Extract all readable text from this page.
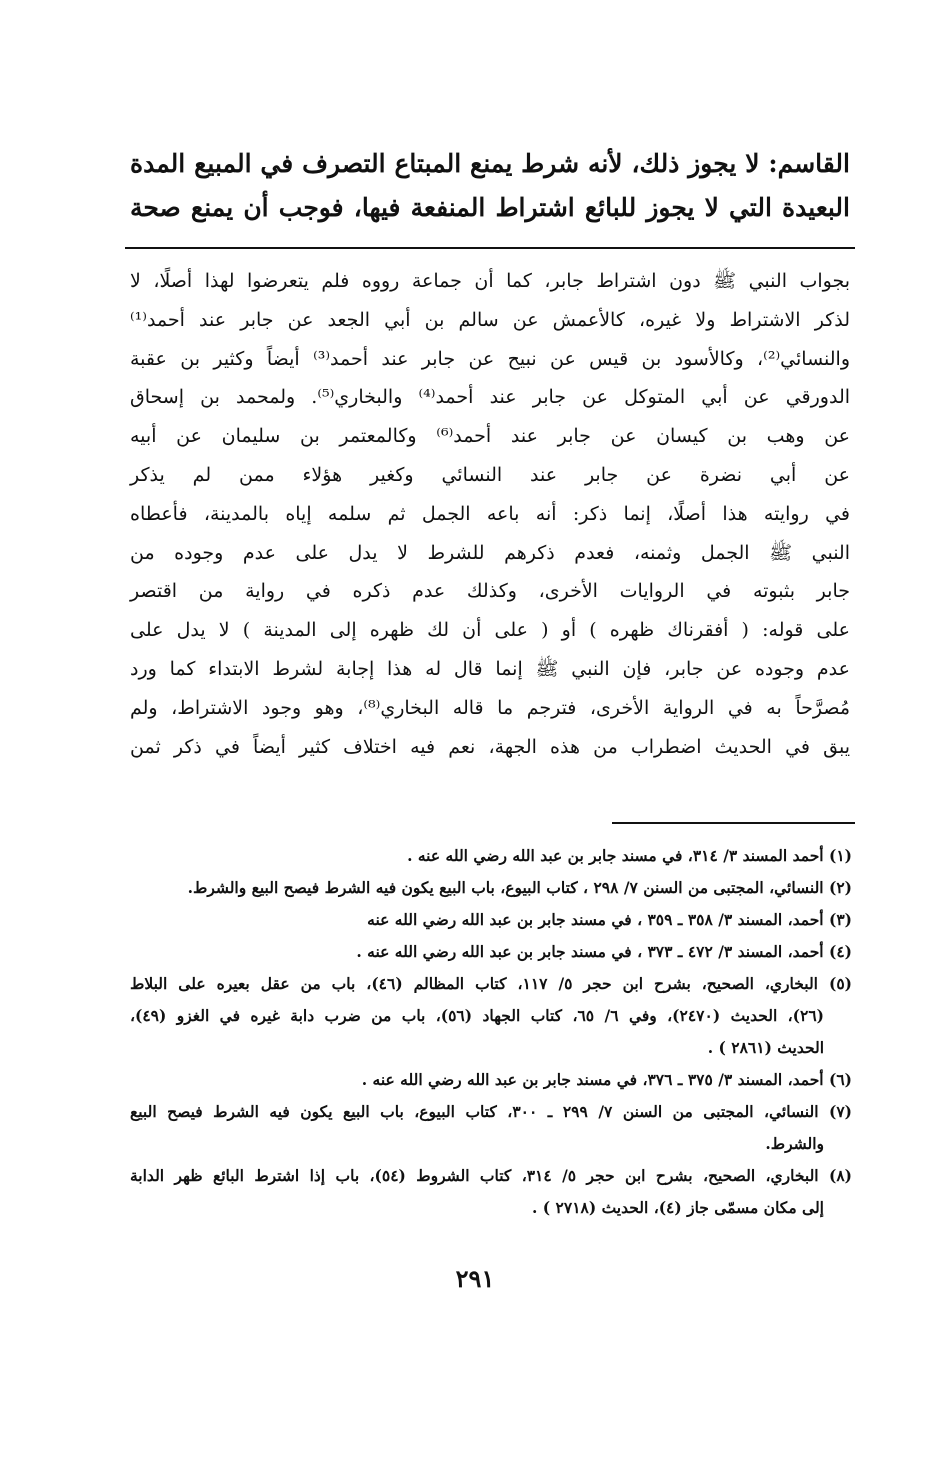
القاسم: لا يجوز ذلك، لأنه شرط يمنع المبتاع التصرف في المبيع المدة
البعيدة التي لا يجوز للبائع اشتراط المنفعة فيها، فوجب أن يمنع صحة
بجواب النبي ﷺ دون اشتراط جابر، كما أن جماعة رووه فلم يتعرضوا لهذا أصلًا، لا
لذكر الاشتراط ولا غيره، كالأعمش عن سالم بن أبي الجعد عن جابر عند أحمد⁽¹⁾
والنسائي⁽²⁾، وكالأسود بن قيس عن نبيح عن جابر عند أحمد⁽³⁾ أيضاً وكثير بن عقبة
الدورقي عن أبي المتوكل عن جابر عند أحمد⁽⁴⁾ والبخاري⁽⁵⁾. ولمحمد بن إسحاق
عن وهب بن كيسان عن جابر عند أحمد⁽⁶⁾ وكالمعتمر بن سليمان عن أبيه
عن أبي نضرة عن جابر عند النسائي وكغير هؤلاء ممن لم يذكر
في روايته هذا أصلًا، إنما ذكر: أنه باعه الجمل ثم سلمه إياه بالمدينة، فأعطاه
النبي ﷺ الجمل وثمنه، فعدم ذكرهم للشرط لا يدل على عدم وجوده من
جابر بثبوته في الروايات الأخرى، وكذلك عدم ذكره في رواية من اقتصر
على قوله: ( أفقرناك ظهره ) أو ( على أن لك ظهره إلى المدينة ) لا يدل على
عدم وجوده عن جابر، فإن النبي ﷺ إنما قال له هذا إجابة لشرط الابتداء كما ورد
مُصرَّحاً به في الرواية الأخرى، فترجم ما قاله البخاري⁽⁸⁾، وهو وجود الاشتراط، ولم
يبق في الحديث اضطراب من هذه الجهة، نعم فيه اختلاف كثير أيضاً في ذكر ثمن
(١) أحمد المسند ٣/ ٣١٤، في مسند جابر بن عبد الله رضي الله عنه .
(٢) النسائي، المجتبى من السنن ٧/ ٢٩٨ ، كتاب البيوع، باب البيع يكون فيه الشرط فيصح البيع والشرط.
(٣) أحمد، المسند ٣/ ٣٥٨ ـ ٣٥٩ ، في مسند جابر بن عبد الله رضي الله عنه
(٤) أحمد، المسند ٣/ ٤٧٢ ـ ٣٧٣ ، في مسند جابر بن عبد الله رضي الله عنه .
(٥) البخاري، الصحيح، بشرح ابن حجر ٥/ ١١٧، كتاب المظالم (٤٦)، باب من عقل بعيره على البلاط
(٢٦)، الحديث (٢٤٧٠)، وفي ٦/ ٦٥، كتاب الجهاد (٥٦)، باب من ضرب دابة غيره في الغزو (٤٩)،
الحديث (٢٨٦١ ) .
(٦) أحمد، المسند ٣/ ٣٧٥ ـ ٣٧٦، في مسند جابر بن عبد الله رضي الله عنه .
(٧) النسائي، المجتبى من السنن ٧/ ٢٩٩ ـ ٣٠٠، كتاب البيوع، باب البيع يكون فيه الشرط فيصح البيع
والشرط.
(٨) البخاري، الصحيح، بشرح ابن حجر ٥/ ٣١٤، كتاب الشروط (٥٤)، باب إذا اشترط البائع ظهر الدابة
إلى مكان مسمّى جاز (٤)، الحديث (٢٧١٨ ) .
٢٩١
